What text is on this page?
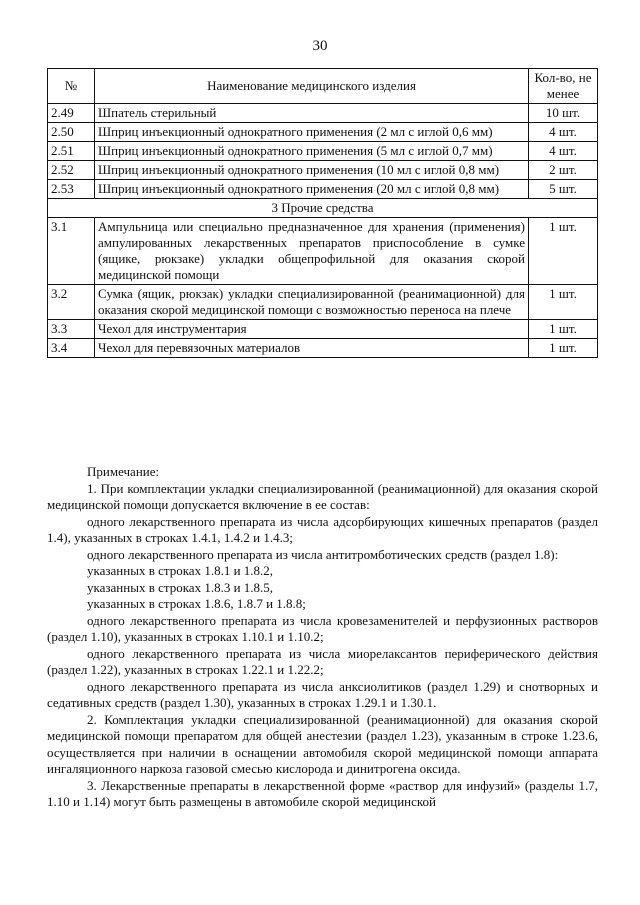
30
№	Наименование медицинского изделия	Кол-во, не менее
2.49	Шпатель стерильный	10 шт.
2.50	Шприц инъекционный однократного применения (2 мл с иглой 0,6 мм)	4 шт.
2.51	Шприц инъекционный однократного применения (5 мл с иглой 0,7 мм)	4 шт.
2.52	Шприц инъекционный однократного применения (10 мл с иглой 0,8 мм)	2 шт.
2.53	Шприц инъекционный однократного применения (20 мл с иглой 0,8 мм)	5 шт.
3 Прочие средства		
3.1	Ампульница или специально предназначенное для хранения (применения) ампулированных лекарственных препаратов приспособление в сумке (ящике, рюкзаке) укладки общепрофильной для оказания скорой медицинской помощи	1 шт.
3.2	Сумка (ящик, рюкзак) укладки специализированной (реанимационной) для оказания скорой медицинской помощи с возможностью переноса на плече	1 шт.
3.3	Чехол для инструментария	1 шт.
3.4	Чехол для перевязочных материалов	1 шт.

Примечание:

1. При комплектации укладки специализированной (реанимационной) для оказания скорой медицинской помощи допускается включение в ее состав:

одного лекарственного препарата из числа адсорбирующих кишечных препаратов (раздел 1.4), указанных в строках 1.4.1, 1.4.2 и 1.4.3;

одного лекарственного препарата из числа антитромботических средств (раздел 1.8):

указанных в строках 1.8.1 и 1.8.2,

указанных в строках 1.8.3 и 1.8.5,

указанных в строках 1.8.6, 1.8.7 и 1.8.8;

одного лекарственного препарата из числа кровезаменителей и перфузионных растворов (раздел 1.10), указанных в строках 1.10.1 и 1.10.2;

одного лекарственного препарата из числа миорелаксантов периферического действия (раздел 1.22), указанных в строках 1.22.1 и 1.22.2;

одного лекарственного препарата из числа анксиолитиков (раздел 1.29) и снотворных и седативных средств (раздел 1.30), указанных в строках 1.29.1 и 1.30.1.

2. Комплектация укладки специализированной (реанимационной) для оказания скорой медицинской помощи препаратом для общей анестезии (раздел 1.23), указанным в строке 1.23.6, осуществляется при наличии в оснащении автомобиля скорой медицинской помощи аппарата ингаляционного наркоза газовой смесью кислорода и динитрогена оксида.

3. Лекарственные препараты в лекарственной форме «раствор для инфузий» (разделы 1.7, 1.10 и 1.14) могут быть размещены в автомобиле скорой медицинской
